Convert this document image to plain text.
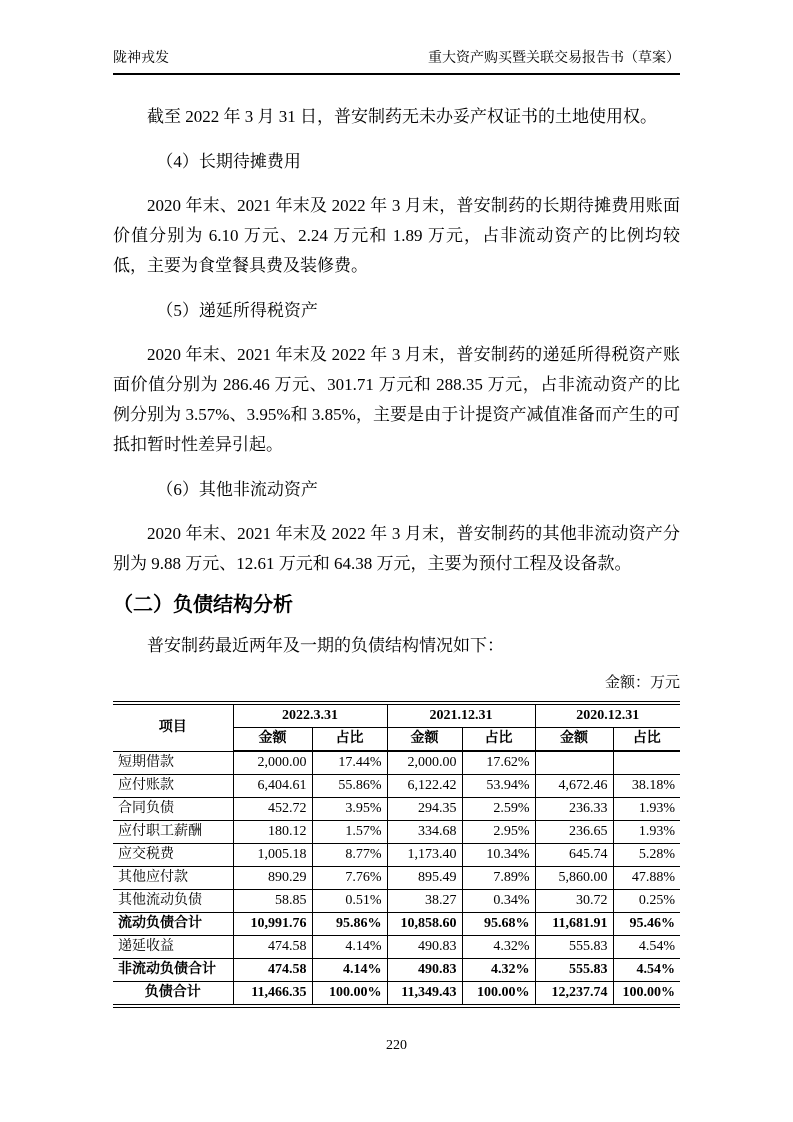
陇神戎发	重大资产购买暨关联交易报告书（草案）

截至 2022 年 3 月 31 日，普安制药无未办妥产权证书的土地使用权。

（4）长期待摊费用

2020 年末、2021 年末及 2022 年 3 月末，普安制药的长期待摊费用账面价值分别为 6.10 万元、2.24 万元和 1.89 万元，占非流动资产的比例均较低，主要为食堂餐具费及装修费。

（5）递延所得税资产

2020 年末、2021 年末及 2022 年 3 月末，普安制药的递延所得税资产账面价值分别为 286.46 万元、301.71 万元和 288.35 万元，占非流动资产的比例分别为 3.57%、3.95%和 3.85%，主要是由于计提资产减值准备而产生的可抵扣暂时性差异引起。

（6）其他非流动资产

2020 年末、2021 年末及 2022 年 3 月末，普安制药的其他非流动资产分别为 9.88 万元、12.61 万元和 64.38 万元，主要为预付工程及设备款。

（二）负债结构分析

普安制药最近两年及一期的负债结构情况如下：

金额：万元
项目	2022.3.31		2021.12.31		2020.12.31	
	金额	占比	金额	占比	金额	占比
短期借款	2,000.00	17.44%	2,000.00	17.62%		
应付账款	6,404.61	55.86%	6,122.42	53.94%	4,672.46	38.18%
合同负债	452.72	3.95%	294.35	2.59%	236.33	1.93%
应付职工薪酬	180.12	1.57%	334.68	2.95%	236.65	1.93%
应交税费	1,005.18	8.77%	1,173.40	10.34%	645.74	5.28%
其他应付款	890.29	7.76%	895.49	7.89%	5,860.00	47.88%
其他流动负债	58.85	0.51%	38.27	0.34%	30.72	0.25%
流动负债合计	10,991.76	95.86%	10,858.60	95.68%	11,681.91	95.46%
递延收益	474.58	4.14%	490.83	4.32%	555.83	4.54%
非流动负债合计	474.58	4.14%	490.83	4.32%	555.83	4.54%
负债合计	11,466.35	100.00%	11,349.43	100.00%	12,237.74	100.00%
220
